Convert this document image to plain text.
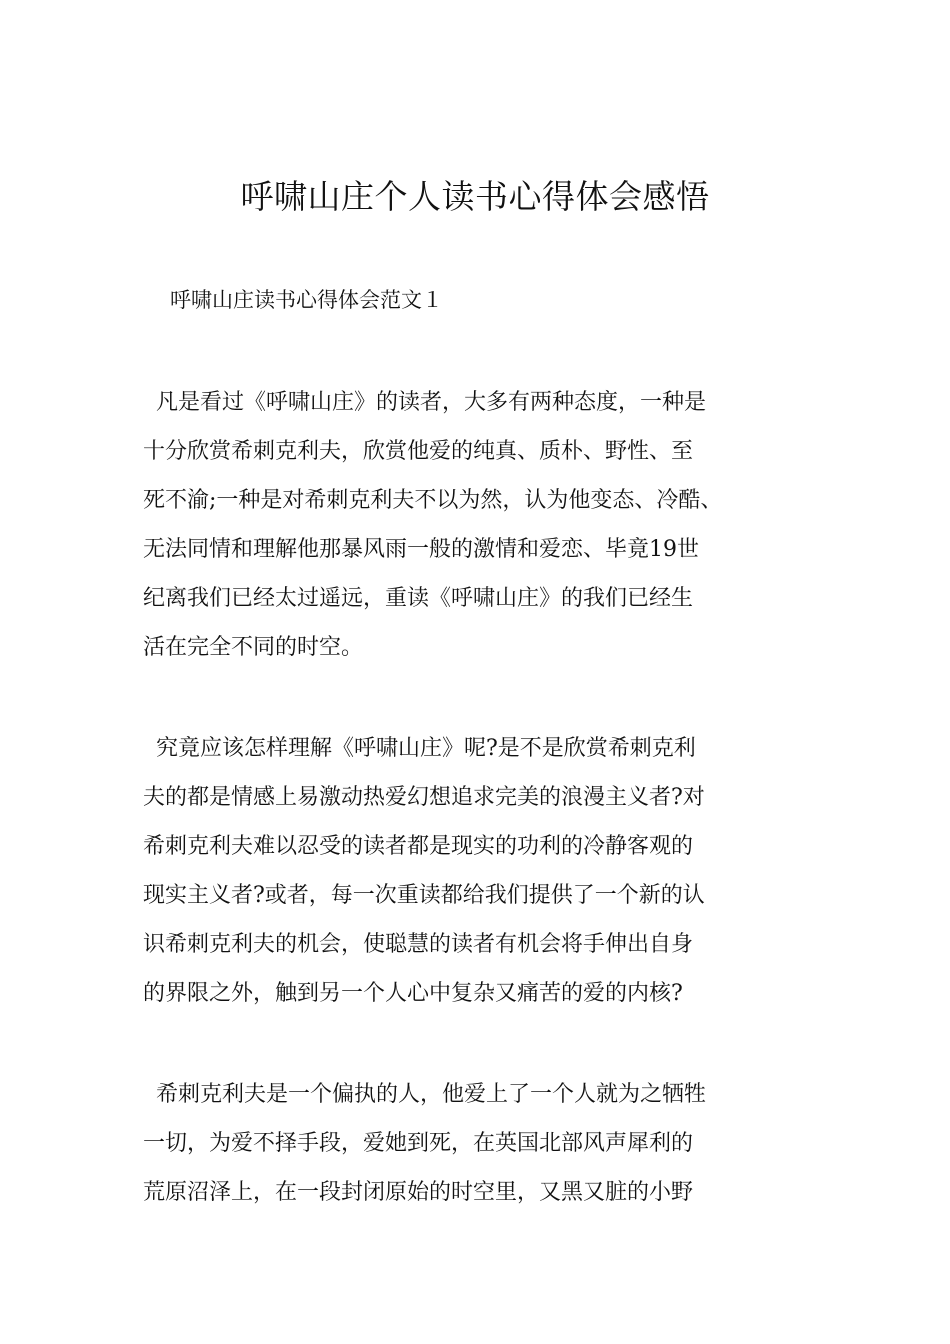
呼啸山庄个人读书心得体会感悟

呼啸山庄读书心得体会范文１

凡是看过《呼啸山庄》的读者，大多有两种态度，一种是
十分欣赏希刺克利夫，欣赏他爱的纯真、质朴、野性、至
死不渝;一种是对希刺克利夫不以为然，认为他变态、冷酷、
无法同情和理解他那暴风雨一般的激情和爱恋、毕竟19世
纪离我们已经太过遥远，重读《呼啸山庄》的我们已经生
活在完全不同的时空。
究竟应该怎样理解《呼啸山庄》呢?是不是欣赏希刺克利
夫的都是情感上易激动热爱幻想追求完美的浪漫主义者?对
希刺克利夫难以忍受的读者都是现实的功利的冷静客观的
现实主义者?或者，每一次重读都给我们提供了一个新的认
识希刺克利夫的机会，使聪慧的读者有机会将手伸出自身
的界限之外，触到另一个人心中复杂又痛苦的爱的内核?
希刺克利夫是一个偏执的人，他爱上了一个人就为之牺牲
一切，为爱不择手段，爱她到死，在英国北部风声犀利的
荒原沼泽上，在一段封闭原始的时空里，又黑又脏的小野
